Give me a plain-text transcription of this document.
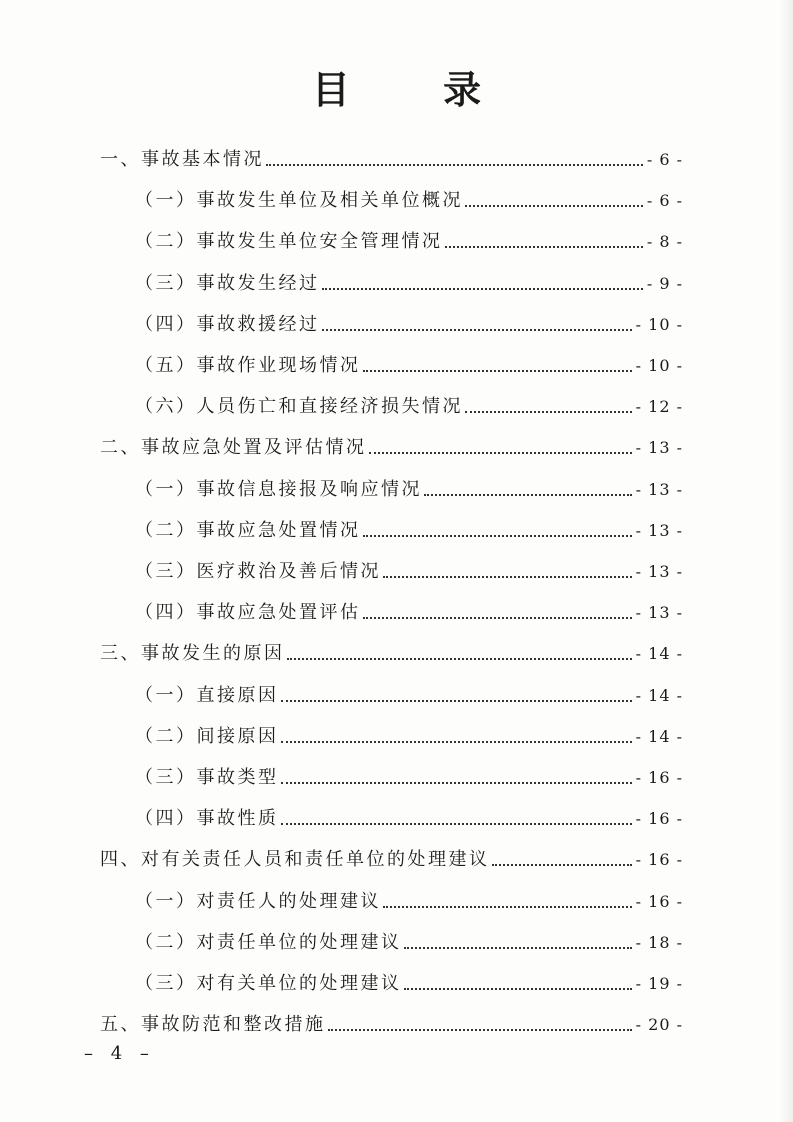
目 录
一、事故基本情况	- 6 -
（一）事故发生单位及相关单位概况	- 6 -
（二）事故发生单位安全管理情况	- 8 -
（三）事故发生经过	- 9 -
（四）事故救援经过	- 10 -
（五）事故作业现场情况	- 10 -
（六）人员伤亡和直接经济损失情况	- 12 -
二、事故应急处置及评估情况	- 13 -
（一）事故信息接报及响应情况	- 13 -
（二）事故应急处置情况	- 13 -
（三）医疗救治及善后情况	- 13 -
（四）事故应急处置评估	- 13 -
三、事故发生的原因	- 14 -
（一）直接原因	- 14 -
（二）间接原因	- 14 -
（三）事故类型	- 16 -
（四）事故性质	- 16 -
四、对有关责任人员和责任单位的处理建议	- 16 -
（一）对责任人的处理建议	- 16 -
（二）对责任单位的处理建议	- 18 -
（三）对有关单位的处理建议	- 19 -
五、事故防范和整改措施	- 20 -
– 4 –
